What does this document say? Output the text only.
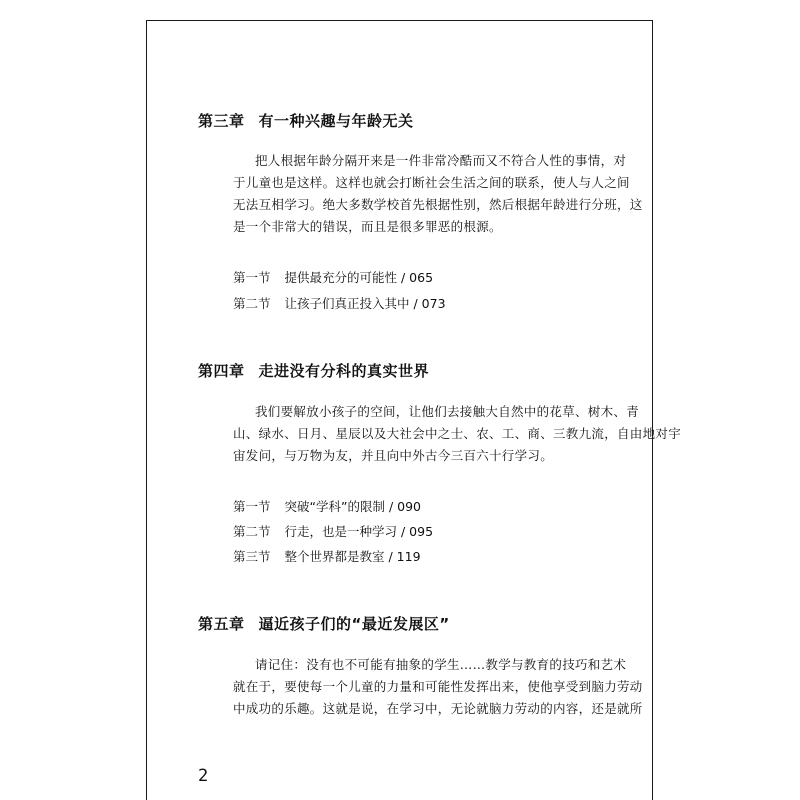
第三章 有一种兴趣与年龄无关
把人根据年龄分隔开来是一件非常冷酷而又不符合人性的事情，对
于儿童也是这样。这样也就会打断社会生活之间的联系，使人与人之间
无法互相学习。绝大多数学校首先根据性别，然后根据年龄进行分班，这
是一个非常大的错误，而且是很多罪恶的根源。
第一节 提供最充分的可能性 / 065
第二节 让孩子们真正投入其中 / 073
第四章 走进没有分科的真实世界
我们要解放小孩子的空间，让他们去接触大自然中的花草、树木、青
山、绿水、日月、星辰以及大社会中之士、农、工、商、三教九流，自由地对宇
宙发问，与万物为友，并且向中外古今三百六十行学习。
第一节 突破“学科”的限制 / 090
第二节 行走，也是一种学习 / 095
第三节 整个世界都是教室 / 119
第五章 逼近孩子们的“最近发展区”
请记住：没有也不可能有抽象的学生……教学与教育的技巧和艺术
就在于，要使每一个儿童的力量和可能性发挥出来，使他享受到脑力劳动
中成功的乐趣。这就是说，在学习中，无论就脑力劳动的内容，还是就所
2
